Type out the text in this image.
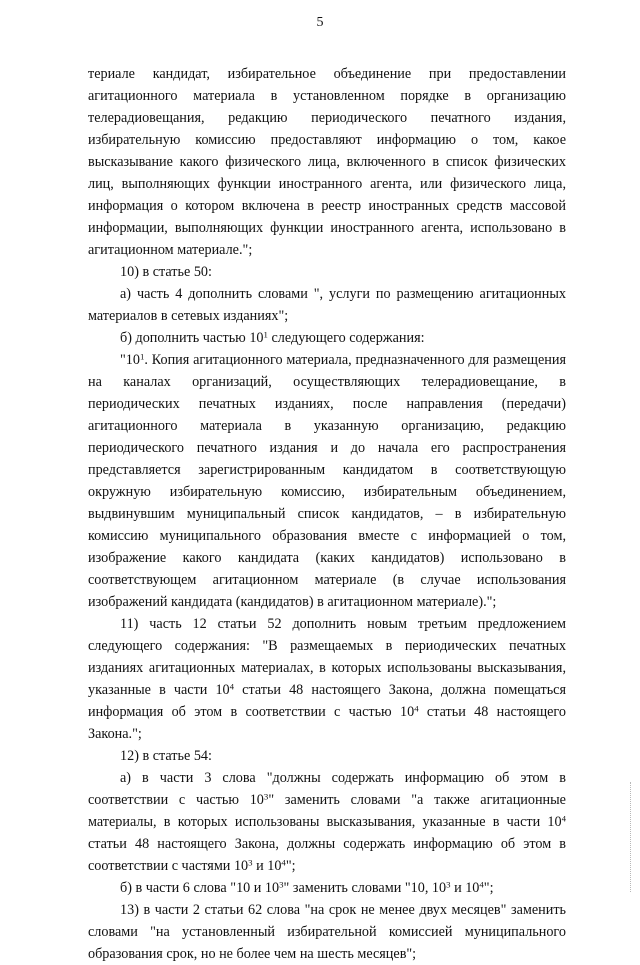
5

териале кандидат, избирательное объединение при предоставлении агитационного материала в установленном порядке в организацию телерадиовещания, редакцию периодического печатного издания, избирательную комиссию предоставляют информацию о том, какое высказывание какого физического лица, включенного в список физических лиц, выполняющих функции иностранного агента, или физического лица, информация о котором включена в реестр иностранных средств массовой информации, выполняющих функции иностранного агента, использовано в агитационном материале.";

10) в статье 50:

а) часть 4 дополнить словами ", услуги по размещению агитационных материалов в сетевых изданиях";

б) дополнить частью $10^1$ следующего содержания:

"$10^1$. Копия агитационного материала, предназначенного для размещения на каналах организаций, осуществляющих телерадиовещание, в периодических печатных изданиях, после направления (передачи) агитационного материала в указанную организацию, редакцию периодического печатного издания и до начала его распространения представляется зарегистрированным кандидатом в соответствующую окружную избирательную комиссию, избирательным объединением, выдвинувшим муниципальный список кандидатов, – в избирательную комиссию муниципального образования вместе с информацией о том, изображение какого кандидата (каких кандидатов) использовано в соответствующем агитационном материале (в случае использования изображений кандидата (кандидатов) в агитационном материале).";

11) часть 12 статьи 52 дополнить новым третьим предложением следующего содержания: "В размещаемых в периодических печатных изданиях агитационных материалах, в которых использованы высказывания, указанные в части $10^4$ статьи 48 настоящего Закона, должна помещаться информация об этом в соответствии с частью $10^4$ статьи 48 настоящего Закона.";

12) в статье 54:

а) в части 3 слова "должны содержать информацию об этом в соответствии с частью $10^3$" заменить словами "а также агитационные материалы, в которых использованы высказывания, указанные в части $10^4$ статьи 48 настоящего Закона, должны содержать информацию об этом в соответствии с частями $10^3$ и $10^4$";

б) в части 6 слова "10 и $10^3$" заменить словами "10, $10^3$ и $10^4$";

13) в части 2 статьи 62 слова "на срок не менее двух месяцев" заменить словами "на установленный избирательной комиссией муниципального образования срок, но не более чем на шесть месяцев";
